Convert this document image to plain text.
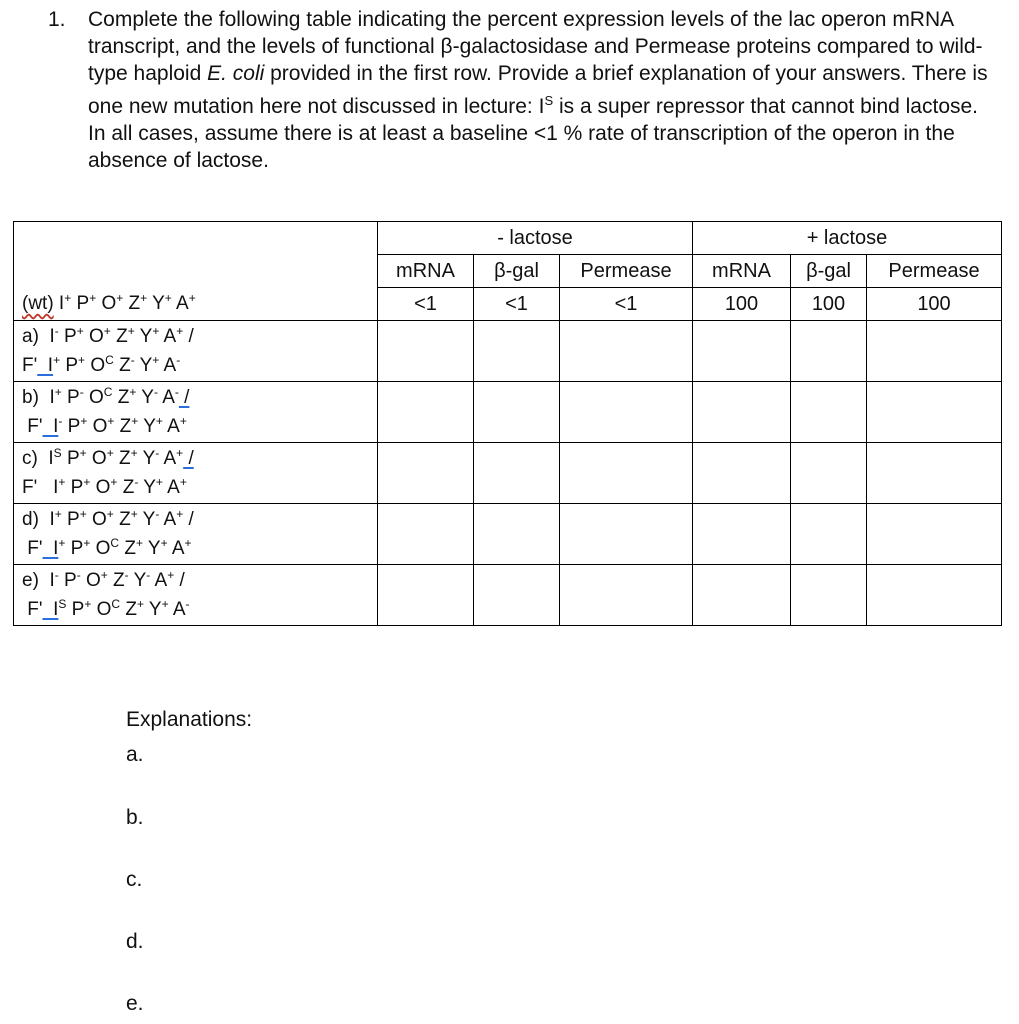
1. Complete the following table indicating the percent expression levels of the lac operon mRNA transcript, and the levels of functional β-galactosidase and Permease proteins compared to wild-type haploid E. coli provided in the first row. Provide a brief explanation of your answers. There is one new mutation here not discussed in lecture: $I^S$ is a super repressor that cannot bind lactose. In all cases, assume there is at least a baseline <1 % rate of transcription of the operon in the absence of lactose.
	- lactose			+ lactose		
	mRNA	β-gal	Permease	mRNA	β-gal	Permease
(wt) I+ P+ O+ Z+ Y+ A+	<1	<1	<1	100	100	100
a)  I- P+ O+ Z+ Y+ A+ /
F'  I+ P+ $O^C$ Z- Y+ A-						
b)  I+ P- $O^C$ Z+ Y- A- /
F'  I- P+ O+ Z+ Y+ A+						
c)  $I^S$ P+ O+ Z+ Y- A+ /
F'   I+ P+ O+ Z- Y+ A+						
d)  I+ P+ O+ Z+ Y- A+ /
F'  I+ P+ $O^C$ Z+ Y+ A+						
e)  I- P- O+ Z- Y- A+ /
F'  $I^S$ P+ $O^C$ Z+ Y+ A-						
Explanations:
a.
b.
c.
d.
e.
